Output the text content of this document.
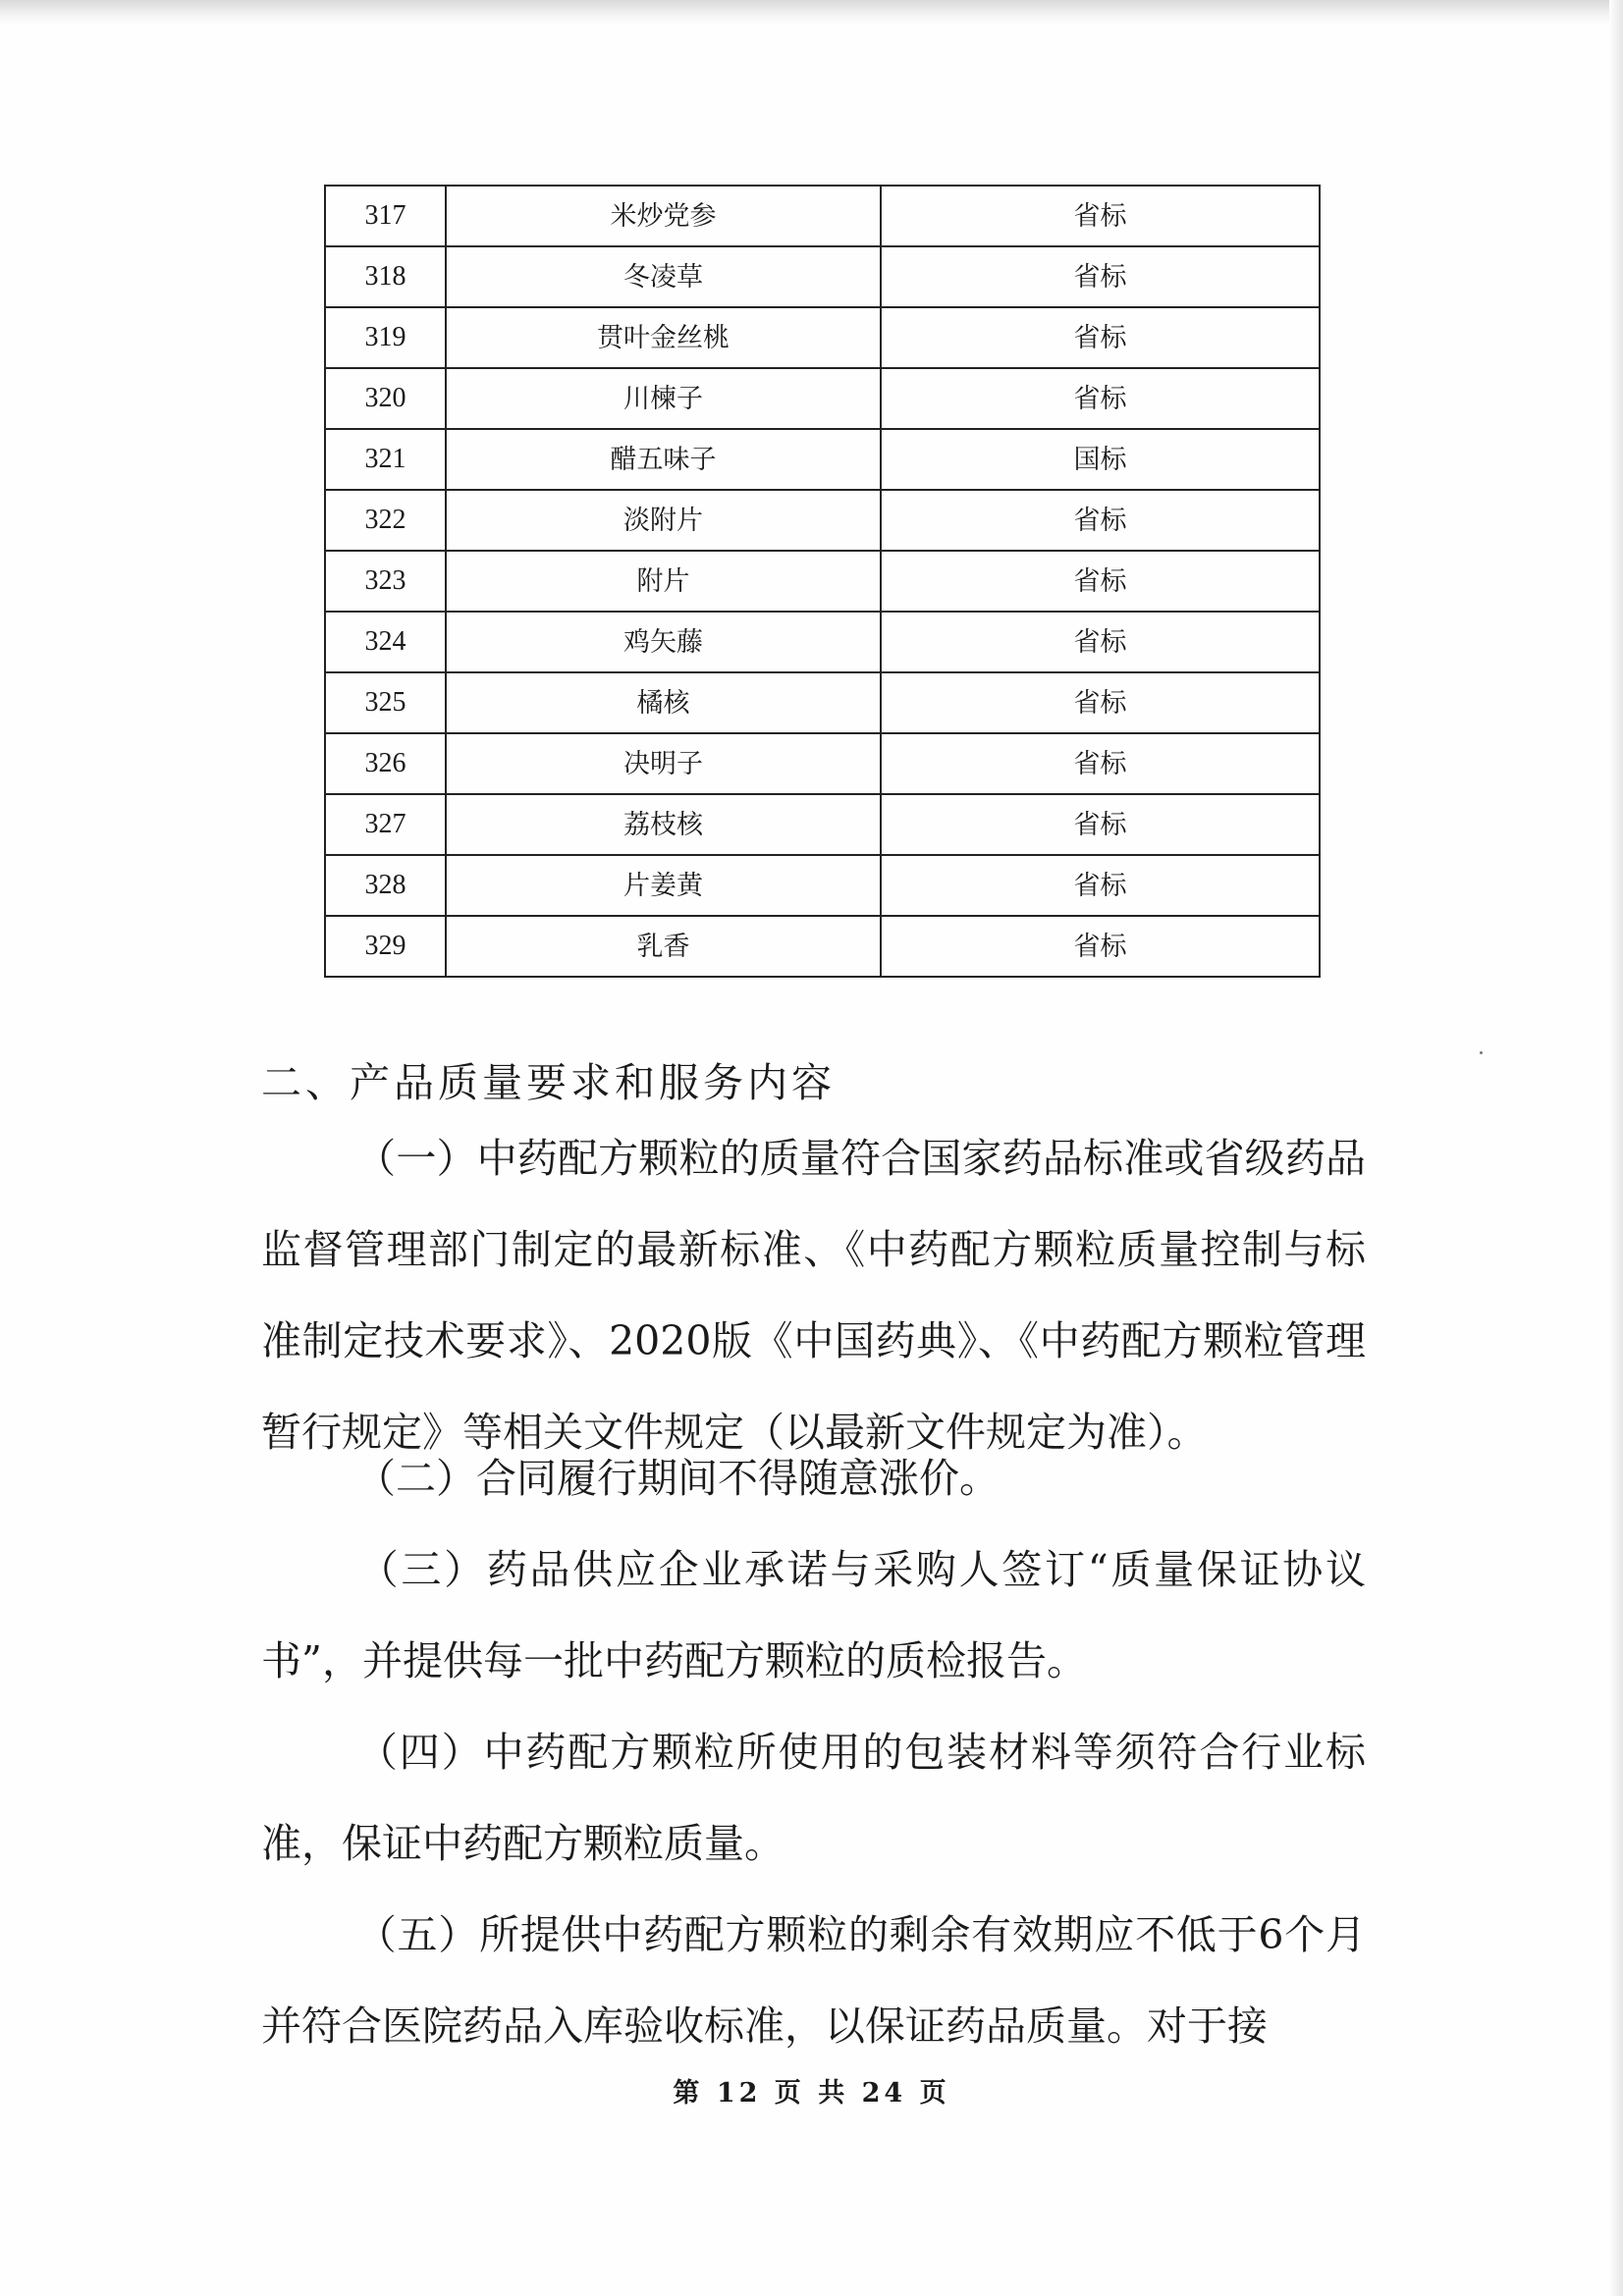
317	米炒党参	省标
318	冬凌草	省标
319	贯叶金丝桃	省标
320	川楝子	省标
321	醋五味子	国标
322	淡附片	省标
323	附片	省标
324	鸡矢藤	省标
325	橘核	省标
326	决明子	省标
327	荔枝核	省标
328	片姜黄	省标
329	乳香	省标
二、产品质量要求和服务内容
（一）中药配方颗粒的质量符合国家药品标准或省级药品监督管理部门制定的最新标准、《中药配方颗粒质量控制与标准制定技术要求》、2020版《中国药典》、《中药配方颗粒管理暂行规定》等相关文件规定（以最新文件规定为准）。
（二）合同履行期间不得随意涨价。
（三）药品供应企业承诺与采购人签订“质量保证协议书”，并提供每一批中药配方颗粒的质检报告。
（四）中药配方颗粒所使用的包装材料等须符合行业标准，保证中药配方颗粒质量。
（五）所提供中药配方颗粒的剩余有效期应不低于6个月并符合医院药品入库验收标准，以保证药品质量。对于接
第 12 页 共 24 页
